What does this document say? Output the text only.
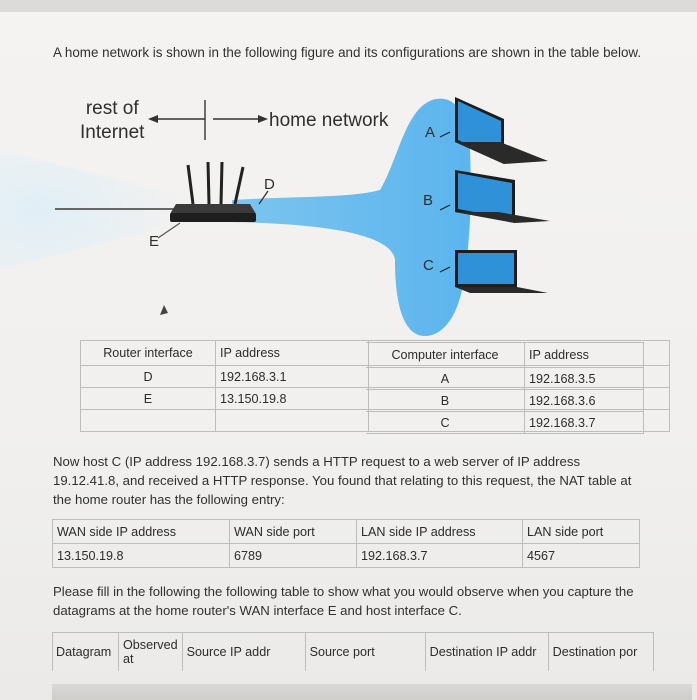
A home network is shown in the following figure and its configurations are shown in the table below.
rest of
Internet
home network
D
E
A
B
C
Router interface	IP address	
D	192.168.3.1	
E	13.150.19.8	

Computer interface	IP address
A	192.168.3.5
B	192.168.3.6
C	192.168.3.7
Now host C (IP address 192.168.3.7) sends a HTTP request to a web server of IP address 19.12.41.8, and received a HTTP response. You found that relating to this request, the NAT table at the home router has the following entry:
WAN side IP address	WAN side port	LAN side IP address	LAN side port
13.150.19.8	6789	192.168.3.7	4567
Please fill in the following the following table to show what you would observe when you capture the datagrams at the home router's WAN interface E and host interface C.
Datagram	Observed at	Source IP addr	Source port	Destination IP addr	Destination por
